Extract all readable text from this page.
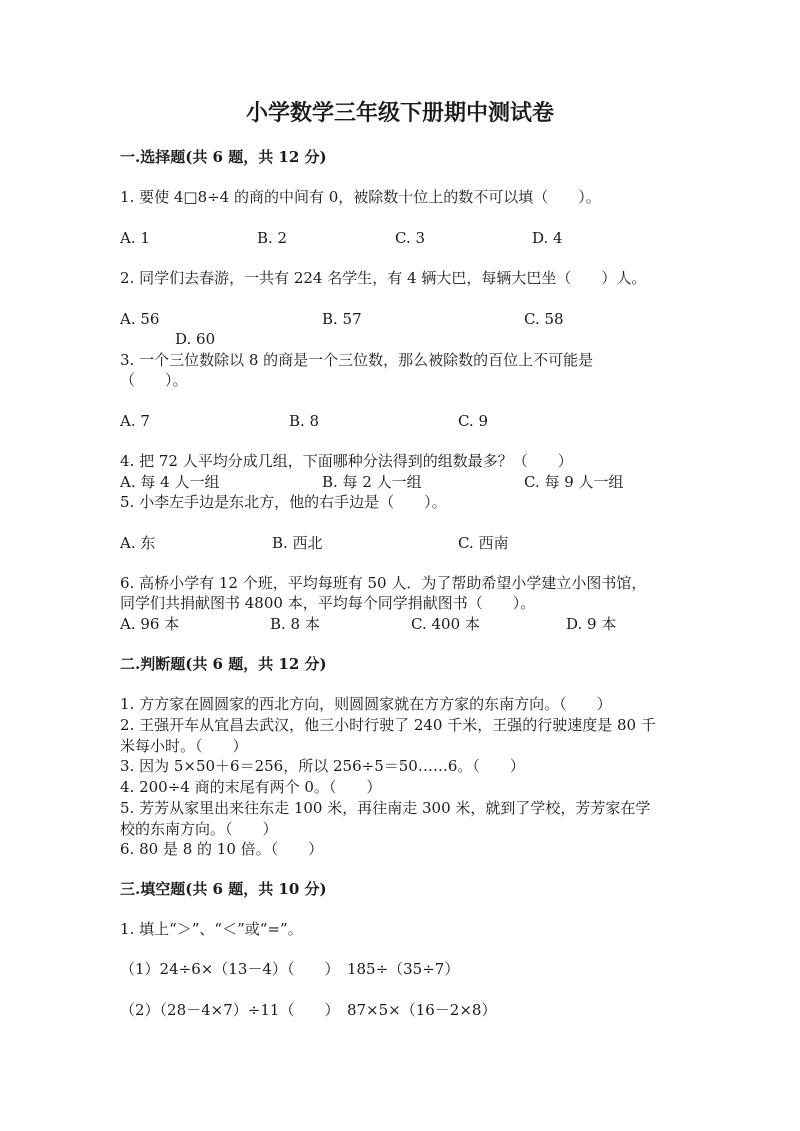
小学数学三年级下册期中测试卷
一.选择题(共 6 题，共 12 分)
1. 要使 4□8÷4 的商的中间有 0，被除数十位上的数不可以填（　　）。
A. 1	B. 2	C. 3	D. 4
2. 同学们去春游，一共有 224 名学生，有 4 辆大巴，每辆大巴坐（　　）人。
A. 56	B. 57	C. 58
D. 60
3. 一个三位数除以 8 的商是一个三位数，那么被除数的百位上不可能是
（　　）。
A. 7	B. 8	C. 9
4. 把 72 人平均分成几组，下面哪种分法得到的组数最多？（　　）
A. 每 4 人一组	B. 每 2 人一组	C. 每 9 人一组
5. 小李左手边是东北方，他的右手边是（　　）。
A. 东	B. 西北	C. 西南
6. 高桥小学有 12 个班，平均每班有 50 人．为了帮助希望小学建立小图书馆，
同学们共捐献图书 4800 本，平均每个同学捐献图书（　　）。
A. 96 本	B. 8 本	C. 400 本	D. 9 本
二.判断题(共 6 题，共 12 分)
1. 方方家在圆圆家的西北方向，则圆圆家就在方方家的东南方向。（　　）
2. 王强开车从宜昌去武汉，他三小时行驶了 240 千米，王强的行驶速度是 80 千
米每小时。（　　）
3. 因为 5×50＋6＝256，所以 256÷5＝50……6。（　　）
4. 200÷4 商的末尾有两个 0。（　　）
5. 芳芳从家里出来往东走 100 米，再往南走 300 米，就到了学校，芳芳家在学
校的东南方向。（　　）
6. 80 是 8 的 10 倍。（　　）
三.填空题(共 6 题，共 10 分)
1. 填上“＞”、“＜”或“=”。
（1）24÷6×（13－4）（　　）　185÷（35÷7）
（2）（28－4×7）÷11（　　）　87×5×（16－2×8）
